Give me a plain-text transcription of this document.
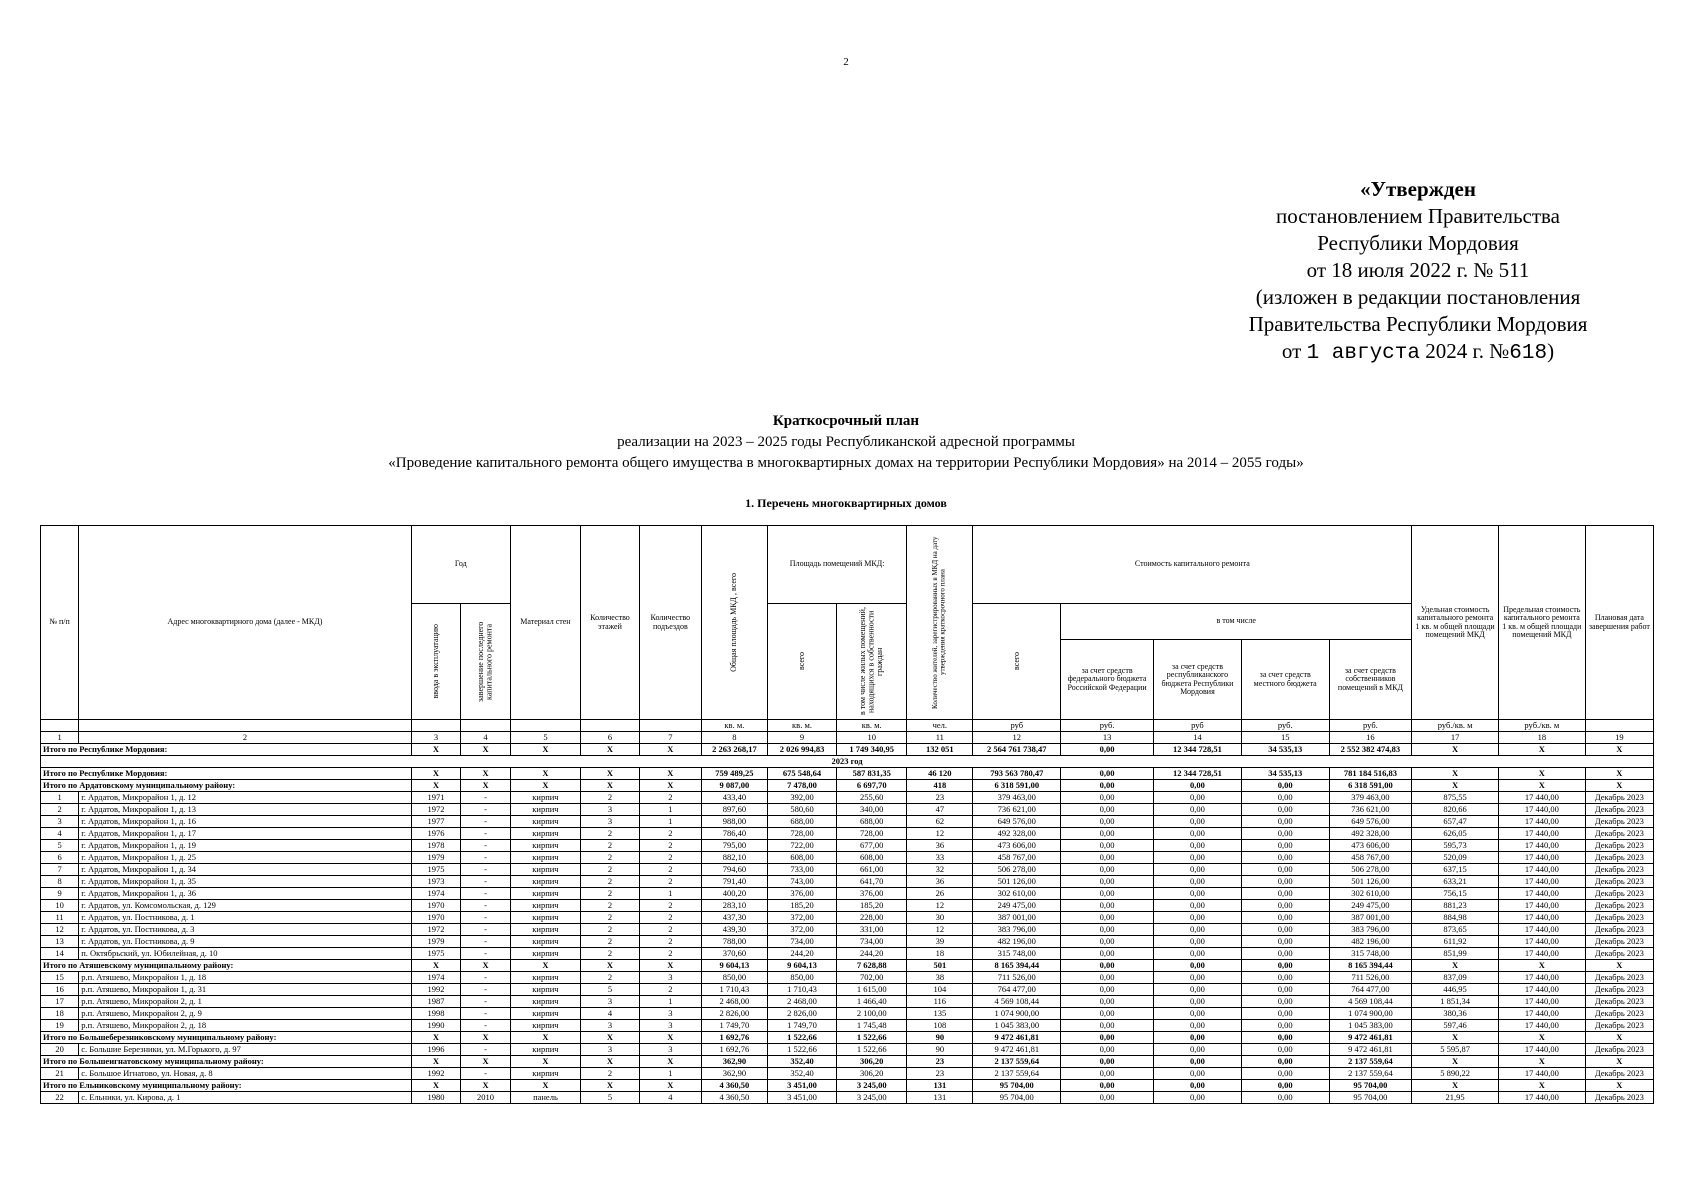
2
«Утвержден
постановлением Правительства
Республики Мордовия
от 18 июля 2022 г. № 511
(изложен в редакции постановления
Правительства Республики Мордовия
от 1 августа 2024 г. №618)
Краткосрочный план
реализации на 2023 – 2025 годы Республиканской адресной программы
«Проведение капитального ремонта общего имущества в многоквартирных домах на территории Республики Мордовия» на 2014 – 2055 годы»
1. Перечень многоквартирных домов
№ п/п	Адрес многоквартирного дома (далее - МКД)	Год		Материал стен	Количество этажей	Количество подъездов	Общая площадь МКД , всего	Площадь помещений МКД:		Количество жителей, зарегистрированных в МКД на дату утверждения краткосрочного плана	Стоимость капитального ремонта					Удельная стоимость капитального ремонта 1 кв. м общей площади помещений МКД	Предельная стоимость капитального ремонта 1 кв. м общей площади помещений МКД	Плановая дата завершения работ

		ввода в эксплуатацию	завершение последнего капитального ремонта					всего	в том числе жилых помещений, находящихся в собственности граждан		всего	в том числе						
												за счет средств федерального бюджета Российской Федерации	за счет средств республиканского бюджета Республики Мордовия	за счет средств местного бюджета	за счет средств собственников помещений в МКД			
							кв. м.	кв. м.	кв. м.	чел.	руб	руб.	руб	руб.	руб.	руб./кв. м	руб./кв. м	
1	2	3	4	5	6	7	8	9	10	11	12	13	14	15	16	17	18	19
Итого по Республике Мордовия:		X	X	X	X	X	2 263 268,17	2 026 994,83	1 749 340,95	132 051	2 564 761 738,47	0,00	12 344 728,51	34 535,13	2 552 382 474,83	X	X	X
2023 год																		
Итого по Республике Мордовия:		X	X	X	X	X	759 489,25	675 548,64	587 831,35	46 120	793 563 780,47	0,00	12 344 728,51	34 535,13	781 184 516,83	X	X	X
Итого по Ардатовскому муниципальному району:		X	X	X	X	X	9 087,00	7 478,00	6 697,70	418	6 318 591,00	0,00	0,00	0,00	6 318 591,00	X	X	X
1	г. Ардатов, Микрорайон 1, д. 12	1971	-	кирпич	2	2	433,40	392,00	255,60	23	379 463,00	0,00	0,00	0,00	379 463,00	875,55	17 440,00	Декабрь 2023
2	г. Ардатов, Микрорайон 1, д. 13	1972	-	кирпич	3	1	897,60	580,60	340,00	47	736 621,00	0,00	0,00	0,00	736 621,00	820,66	17 440,00	Декабрь 2023
3	г. Ардатов, Микрорайон 1, д. 16	1977	-	кирпич	3	1	988,00	688,00	688,00	62	649 576,00	0,00	0,00	0,00	649 576,00	657,47	17 440,00	Декабрь 2023
4	г. Ардатов, Микрорайон 1, д. 17	1976	-	кирпич	2	2	786,40	728,00	728,00	12	492 328,00	0,00	0,00	0,00	492 328,00	626,05	17 440,00	Декабрь 2023
5	г. Ардатов, Микрорайон 1, д. 19	1978	-	кирпич	2	2	795,00	722,00	677,00	36	473 606,00	0,00	0,00	0,00	473 606,00	595,73	17 440,00	Декабрь 2023
6	г. Ардатов, Микрорайон 1, д. 25	1979	-	кирпич	2	2	882,10	608,00	608,00	33	458 767,00	0,00	0,00	0,00	458 767,00	520,09	17 440,00	Декабрь 2023
7	г. Ардатов, Микрорайон 1, д. 34	1975	-	кирпич	2	2	794,60	733,00	661,00	32	506 278,00	0,00	0,00	0,00	506 278,00	637,15	17 440,00	Декабрь 2023
8	г. Ардатов, Микрорайон 1, д. 35	1973	-	кирпич	2	2	791,40	743,00	641,70	36	501 126,00	0,00	0,00	0,00	501 126,00	633,21	17 440,00	Декабрь 2023
9	г. Ардатов, Микрорайон 1, д. 36	1974	-	кирпич	2	1	400,20	376,00	376,00	26	302 610,00	0,00	0,00	0,00	302 610,00	756,15	17 440,00	Декабрь 2023
10	г. Ардатов, ул. Комсомольская, д. 129	1970	-	кирпич	2	2	283,10	185,20	185,20	12	249 475,00	0,00	0,00	0,00	249 475,00	881,23	17 440,00	Декабрь 2023
11	г. Ардатов, ул. Постникова, д. 1	1970	-	кирпич	2	2	437,30	372,00	228,00	30	387 001,00	0,00	0,00	0,00	387 001,00	884,98	17 440,00	Декабрь 2023
12	г. Ардатов, ул. Постникова, д. 3	1972	-	кирпич	2	2	439,30	372,00	331,00	12	383 796,00	0,00	0,00	0,00	383 796,00	873,65	17 440,00	Декабрь 2023
13	г. Ардатов, ул. Постникова, д. 9	1979	-	кирпич	2	2	788,00	734,00	734,00	39	482 196,00	0,00	0,00	0,00	482 196,00	611,92	17 440,00	Декабрь 2023
14	п. Октябрьский, ул. Юбилейная, д. 10	1975	-	кирпич	2	2	370,60	244,20	244,20	18	315 748,00	0,00	0,00	0,00	315 748,00	851,99	17 440,00	Декабрь 2023
Итого по Атяшевскому муниципальному району:		X	X	X	X	X	9 604,13	9 604,13	7 628,88	501	8 165 394,44	0,00	0,00	0,00	8 165 394,44	X	X	X
15	р.п. Атяшево, Микрорайон 1, д. 18	1974	-	кирпич	2	3	850,00	850,00	702,00	38	711 526,00	0,00	0,00	0,00	711 526,00	837,09	17 440,00	Декабрь 2023
16	р.п. Атяшево, Микрорайон 1, д. 31	1992	-	кирпич	5	2	1 710,43	1 710,43	1 615,00	104	764 477,00	0,00	0,00	0,00	764 477,00	446,95	17 440,00	Декабрь 2023
17	р.п. Атяшево, Микрорайон 2, д. 1	1987	-	кирпич	3	1	2 468,00	2 468,00	1 466,40	116	4 569 108,44	0,00	0,00	0,00	4 569 108,44	1 851,34	17 440,00	Декабрь 2023
18	р.п. Атяшево, Микрорайон 2, д. 9	1998	-	кирпич	4	3	2 826,00	2 826,00	2 100,00	135	1 074 900,00	0,00	0,00	0,00	1 074 900,00	380,36	17 440,00	Декабрь 2023
19	р.п. Атяшево, Микрорайон 2, д. 18	1990	-	кирпич	3	3	1 749,70	1 749,70	1 745,48	108	1 045 383,00	0,00	0,00	0,00	1 045 383,00	597,46	17 440,00	Декабрь 2023
Итого по Большеберезниковскому муниципальному району:		X	X	X	X	X	1 692,76	1 522,66	1 522,66	90	9 472 461,81	0,00	0,00	0,00	9 472 461,81	X	X	X
20	с. Большие Березники, ул. М.Горького, д. 97	1996	-	кирпич	3	3	1 692,76	1 522,66	1 522,66	90	9 472 461,81	0,00	0,00	0,00	9 472 461,81	5 595,87	17 440,00	Декабрь 2023
Итого по Большеигнатовскому муниципальному району:		X	X	X	X	X	362,90	352,40	306,20	23	2 137 559,64	0,00	0,00	0,00	2 137 559,64	X	X	X
21	с. Большое Игнатово, ул. Новая, д. 8	1992	-	кирпич	2	1	362,90	352,40	306,20	23	2 137 559,64	0,00	0,00	0,00	2 137 559,64	5 890,22	17 440,00	Декабрь 2023
Итого по Ельниковскому муниципальному району:		X	X	X	X	X	4 360,50	3 451,00	3 245,00	131	95 704,00	0,00	0,00	0,00	95 704,00	X	X	X
22	с. Ельники, ул. Кирова, д. 1	1980	2010	панель	5	4	4 360,50	3 451,00	3 245,00	131	95 704,00	0,00	0,00	0,00	95 704,00	21,95	17 440,00	Декабрь 2023
